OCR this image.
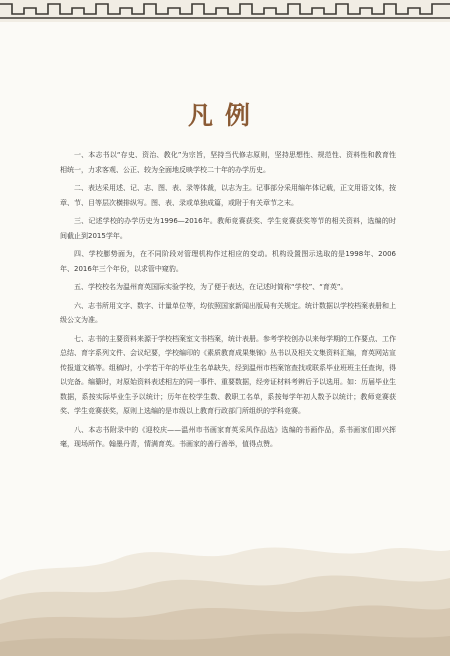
凡例

一、本志书以“存史、资治、教化”为宗旨，坚持当代修志原则，坚持思想性、规范性、资料性和教育性相统一，力求客观、公正、较为全面地反映学校二十年的办学历史。

二、表达采用述、记、志、图、表、录等体裁，以志为主。记事部分采用编年体记载，正文用语文体，按章、节、目等层次横排纵写。图、表、录或单独成篇，或附于有关章节之末。

三、记述学校的办学历史为1996—2016年。教师竞赛获奖、学生竞赛获奖等节的相关资料，选编的时间截止到2015学年。

四、学校膨势面为，在不同阶段对管理机构作过相应的变动。机构设置图示选取的是1998年、2006年、2016年三个年份，以求管中窥豹。

五、学校校名为温州育英国际实验学校，为了便于表达，在记述时简称“学校”、“育英”。

六、志书所用文字、数字、计量单位等，均依照国家新闻出版局有关规定。统计数据以学校档案表册和上级公文为准。

七、志书的主要资料来源于学校档案室文书档案，统计表册。参考学校创办以来每学期的工作要点、工作总结、育字系列文件、会议纪要，学校编印的《素质教育成果集锦》丛书以及相关文集资料汇编，育英网站宣传报道文稿等。组稿时，小学若干年的毕业生名单缺失，经到温州市档案馆查找或联系毕业班班主任查询，得以完备。编纂时，对原始资料表述相左的同一事件、重要数据，经旁证材料考辨后予以选用。如：历届毕业生数据，系按实际毕业生予以统计；历年在校学生数、教职工名单，系按每学年初人数予以统计；教师竞赛获奖、学生竞赛获奖，原则上选编的是市级以上教育行政部门所组织的学科竞赛。

八、本志书附录中的《迎校庆——温州市书画家育英采风作品选》选编的书画作品，系书画家们即兴挥毫，现场所作。翰墨丹青，情满育英。书画家的善行善举，值得点赞。
